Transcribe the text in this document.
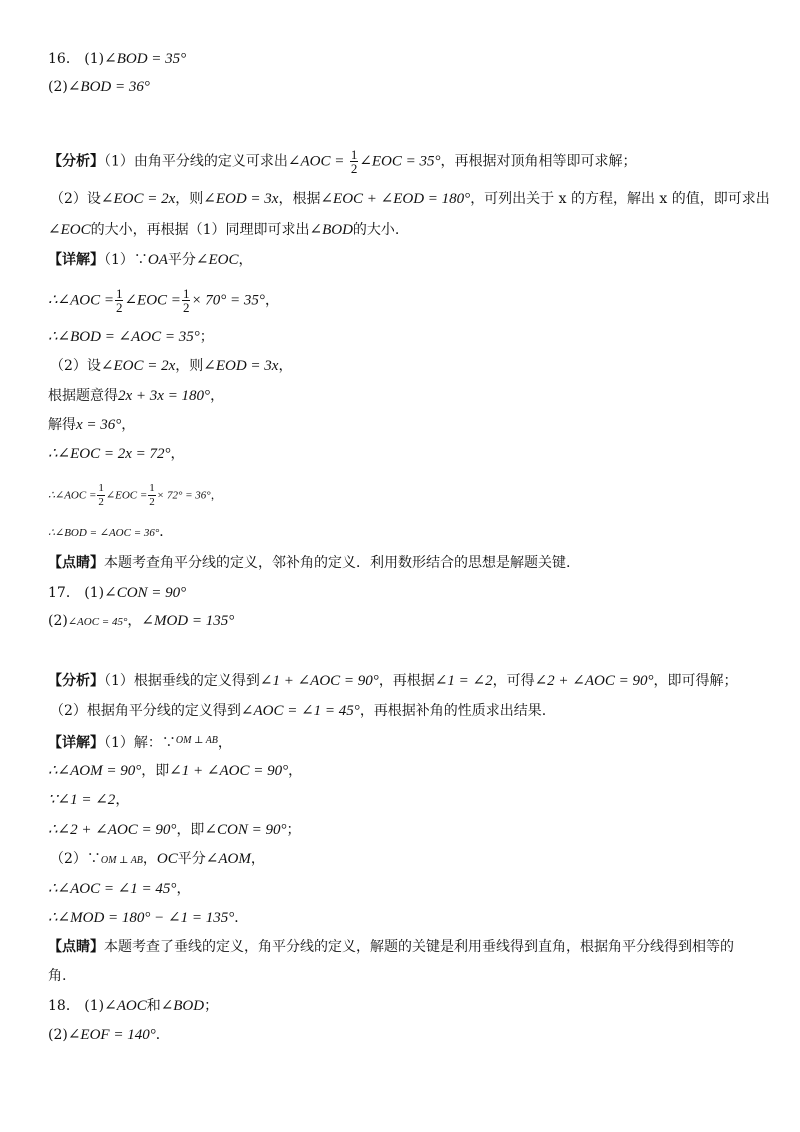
16． (1)∠BOD = 35°
(2)∠BOD = 36°
【分析】（1）由角平分线的定义可求出∠AOC = $\frac{1}{2}$ ∠EOC = 35°，再根据对顶角相等即可求解；
（2）设∠EOC = 2x，则∠EOD = 3x，根据∠EOC + ∠EOD = 180°，可列出关于 x 的方程，解出 x 的值，即可求出
∠EOC的大小，再根据（1）同理即可求出∠BOD的大小.
【详解】（1）∵OA平分∠EOC，
∴∠AOC = $\frac{1}{2}$ ∠EOC = $\frac{1}{2} \times 70^\circ = 35^\circ$，
∴∠BOD = ∠AOC = 35°；
（2）设∠EOC = 2x，则∠EOD = 3x，
根据题意得2x + 3x = 180°，
解得x = 36°，
∴∠EOC = 2x = 72°，
∴∠AOC = $\frac{1}{2}$ ∠EOC = $\frac{1}{2} \times 72^\circ = 36^\circ$，
∴∠BOD = ∠AOC = 36°．
【点睛】本题考查角平分线的定义，邻补角的定义．利用数形结合的思想是解题关键.
17． (1)∠CON = 90°
(2)∠AOC = 45°，∠MOD = 135°
【分析】（1）根据垂线的定义得到∠1 + ∠AOC = 90°，再根据∠1 = ∠2，可得∠2 + ∠AOC = 90°，即可得解；
（2）根据角平分线的定义得到∠AOC = ∠1 = 45°，再根据补角的性质求出结果.
【详解】（1）解：∵$^{OM \perp AB}$，
∴∠AOM = 90°，即∠1 + ∠AOC = 90°，
∵∠1 = ∠2，
∴∠2 + ∠AOC = 90°，即∠CON = 90°；
（2）∵OM ⊥ AB，OC平分∠AOM，
∴∠AOC = ∠1 = 45°，
∴∠MOD = 180° − ∠1 = 135°．
【点睛】本题考查了垂线的定义，角平分线的定义，解题的关键是利用垂线得到直角，根据角平分线得到相等的
角.
18． (1)∠AOC和∠BOD；
(2)∠EOF = 140°．
